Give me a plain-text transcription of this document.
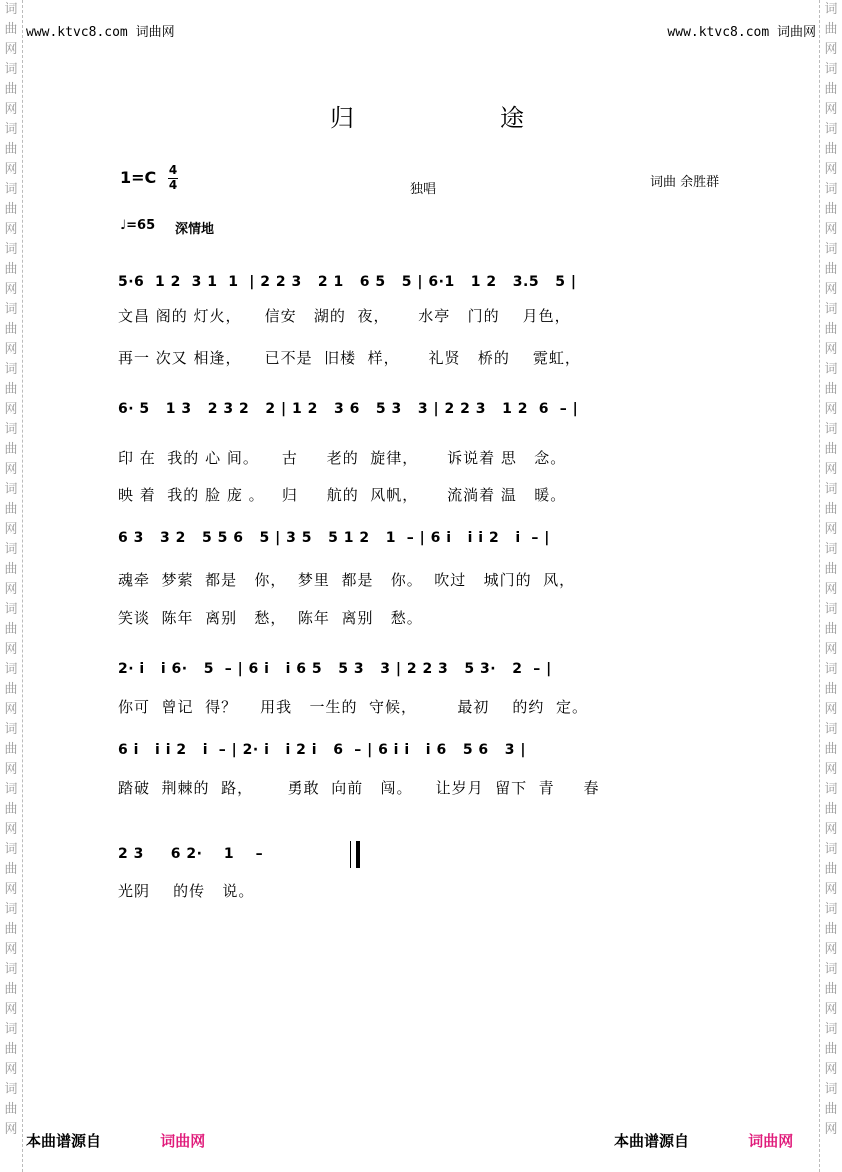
词
曲
网
词
曲
网
词
曲
网
词
曲
网
词
曲
网
词
曲
网
词
曲
网
词
曲
网
词
曲
网
词
曲
网
词
曲
网
词
曲
网
词
曲
网
词
曲
网
词
曲
网
词
曲
网
词
曲
网
词
曲
网
词
曲
网
词
曲
网
词
曲
网
词
曲
网
词
曲
网
词
曲
网
词
曲
网
词
曲
网
词
曲
网
词
曲
网
词
曲
网
词
曲
网
词
曲
网
词
曲
网
词
曲
网
词
曲
网
词
曲
网
词
曲
网
词
曲
网
词
曲
网
www.ktvc8.com 词曲网	www.ktvc8.com 词曲网
归	途
1=C 4
4	独唱	词曲 余胜群
♩=65 深情地
5·6  1 2  3 1  1  | 2 2 3   2 1   6 5   5 | 6·1   1 2   3.5   5 |
文昌 阁的 灯火，    信安   湖的  夜，     水亭   门的    月色，
再一 次又 相逢，    已不是  旧楼  样，     礼贤   桥的    霓虹，
6· 5   1 3   2 3 2   2 | 1 2   3 6   5 3   3 | 2 2 3   1 2  6  – |
印 在  我的 心 间。    古     老的  旋律，     诉说着 思   念。
映 着  我的 脸 庞 。   归     航的  风帆，     流淌着 温   暖。
6 3   3 2   5 5 6   5 | 3 5   5 1 2   1  – | 6 i   i i 2   i  – |
魂牵  梦萦  都是   你，  梦里  都是   你。  吹过   城门的  风，
笑谈  陈年  离别   愁，  陈年  离别   愁。
2· i   i 6·   5  – | 6 i   i 6 5   5 3   3 | 2 2 3   5 3·   2  – |
你可  曾记  得？    用我   一生的  守候，       最初    的约  定。
6 i   i i 2   i  – | 2· i   i 2 i   6  – | 6 i i   i 6   5 6   3 |
踏破  荆棘的  路，      勇敢  向前   闯。    让岁月  留下  青     春
2 3     6 2·    1    –
光阴    的传   说。
本曲谱源自	词曲网	本曲谱源自	词曲网
